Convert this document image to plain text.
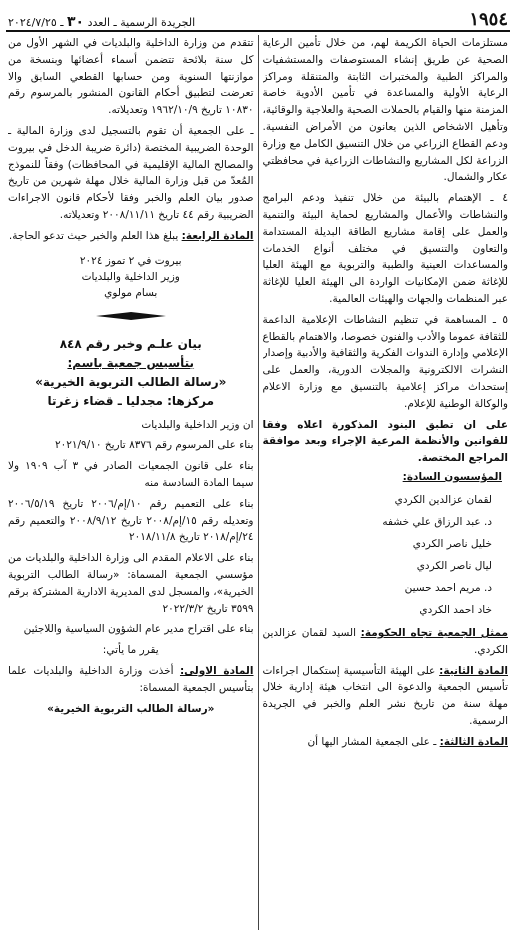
١٩٥٤
الجريدة الرسمية ـ العدد ٣٠ ـ ٢٠٢٤/٧/٢٥

مستلزمات الحياة الكريمة لهم، من خلال تأمين الرعاية الصحية عن طريق إنشاء المستوصفات والمستشفيات والمراكز الطبية والمختبرات الثابتة والمتنقلة ومراكز الرعاية الأولية والمساعدة في تأمين الأدوية خاصة المزمنة منها والقيام بالحملات الصحية والعلاجية والوقائية، وتأهيل الاشخاص الذين يعانون من الأمراض النفسية. ودعم القطاع الزراعي من خلال التنسيق الكامل مع وزارة الزراعة لكل المشاريع والنشاطات الزراعية في محافظتي عكار والشمال.

٤ ـ الإهتمام بالبيئة من خلال تنفيذ ودعم البرامج والنشاطات والأعمال والمشاريع لحماية البيئة والتنمية والعمل على إقامة مشاريع الطاقة البديلة المستدامة والتعاون والتنسيق في مختلف أنواع الخدمات والمساعدات العينية والطبية والتربوية مع الهيئة العليا للإغاثة ضمن الإمكانيات الواردة الى الهيئة العليا للإغاثة عبر المنظمات والجهات والهيئات العالمية.

٥ ـ المساهمة في تنظيم النشاطات الإعلامية الداعمة للثقافة عموما والأدب والفنون خصوصا، والاهتمام بالقطاع الإعلامي وإدارة الندوات الفكرية والثقافية والأدبية وإصدار النشرات الالكترونية والمجلات الدورية، والعمل على إستحداث مراكز إعلامية بالتنسيق مع وزارة الاعلام والوكالة الوطنية للإعلام.

على ان تطبق البنود المذكورة اعلاه وفقا للقوانين والأنظمة المرعية الإجراء وبعد موافقة المراجع المختصة.

المؤسسون السادة:
لقمان عزالدين الكردي
د. عبد الرزاق علي خشفه
خليل ناصر الكردي
ليال ناصر الكردي
د. مريم احمد حسين
خاد احمد الكردي

ممثل الجمعية تجاه الحكومة: السيد لقمان عزالدين الكردي.

المادة الثانية: على الهيئة التأسيسية إستكمال اجراءات تأسيس الجمعية والدعوة الى انتخاب هيئة إدارية خلال مهلة سنة من تاريخ نشر العلم والخبر في الجريدة الرسمية.

المادة الثالثة: ـ على الجمعية المشار اليها أن

تتقدم من وزارة الداخلية والبلديات في الشهر الأول من كل سنة بلائحة تتضمن أسماء أعضائها وبنسخة من موازنتها السنوية ومن حسابها القطعي السابق والا تعرضت لتطبيق أحكام القانون المنشور بالمرسوم رقم ١٠٨٣٠ تاريخ ١٩٦٢/١٠/٩ وتعديلاته.

ـ على الجمعية أن تقوم بالتسجيل لدى وزارة المالية ـ الوحدة الضريبية المختصة (دائرة ضريبة الدخل في بيروت والمصالح المالية الإقليمية في المحافظات) وفقاً للنموذج المُعدّ من قبل وزارة المالية خلال مهلة شهرين من تاريخ صدور بيان العلم والخبر وفقا لأحكام قانون الاجراءات الضريبية رقم ٤٤ تاريخ ٢٠٠٨/١١/١١ وتعديلاته.

المادة الرابعة: يبلغ هذا العلم والخبر حيث تدعو الحاجة.

بيروت في ٢ تموز ٢٠٢٤

وزير الداخلية والبلديات

بسام مولوي

بيان علـم وخبر رقم ٨٤٨

بتأسيس جمعية باسم:

«رسالة الطالب التربوية الخيرية»

مركزها: مجدليا ـ قضاء زغرتا

ان وزير الداخلية والبلديات

بناء على المرسوم رقم ٨٣٧٦ تاريخ ٢٠٢١/٩/١٠

بناء على قانون الجمعيات الصادر في ٣ آب ١٩٠٩ ولا سيما المادة السادسة منه

بناء على التعميم رقم ١٠/إم/٢٠٠٦ تاريخ ٢٠٠٦/٥/١٩ وتعديله رقم ١٥/إم/٢٠٠٨ تاريخ ٢٠٠٨/٩/١٢ والتعميم رقم ٢٤/إم/٢٠١٨ تاريخ ٢٠١٨/١١/٨

بناء على الاعلام المقدم الى وزارة الداخلية والبلديات من مؤسسي الجمعية المسماة: «رسالة الطالب التربوية الخيرية»، والمسجل لدى المديرية الادارية المشتركة برقم ٣٥٩٩ تاريخ ٢٠٢٢/٣/٢

بناء على اقتراح مدير عام الشؤون السياسية واللاجئين

يقرر ما يأتي:

المادة الاولى: أخذت وزارة الداخلية والبلديات علما بتأسيس الجمعية المسماة:

«رسالة الطالب التربوية الخيرية»
